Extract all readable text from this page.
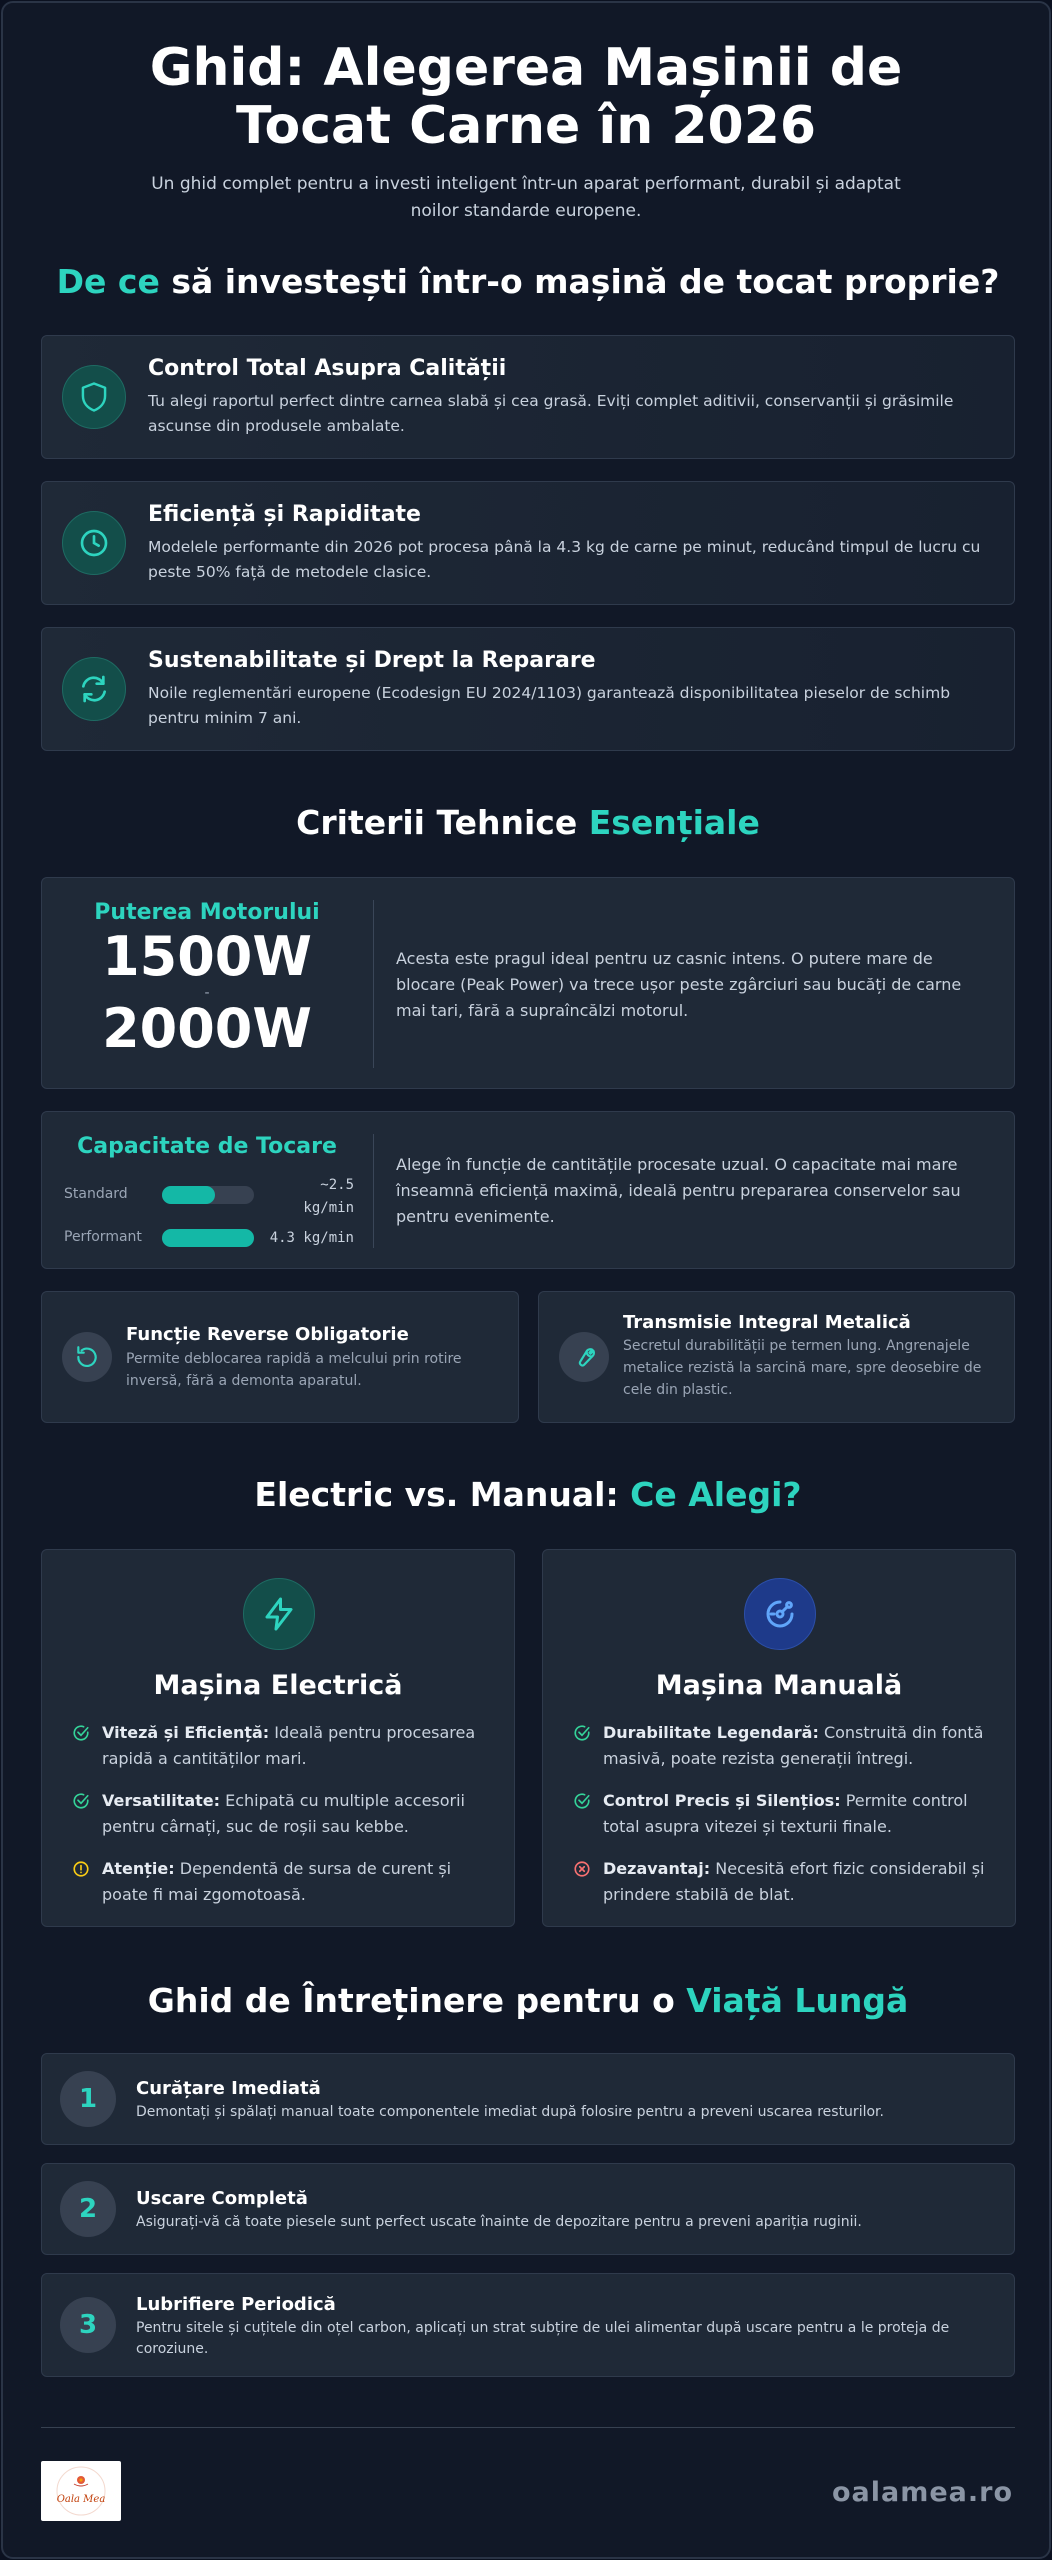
Ghid: Alegerea Mașinii de Tocat Carne în 2026

Un ghid complet pentru a investi inteligent într-un aparat performant, durabil și adaptat noilor standarde europene.

De ce să investești într-o mașină de tocat proprie?
Control Total Asupra Calității
Tu alegi raportul perfect dintre carnea slabă și cea grasă. Eviți complet aditivii, conservanții și grăsimile ascunse din produsele ambalate.
Eficiență și Rapiditate
Modelele performante din 2026 pot procesa până la 4.3 kg de carne pe minut, reducând timpul de lucru cu peste 50% față de metodele clasice.
Sustenabilitate și Drept la Reparare
Noile reglementări europene (Ecodesign EU 2024/1103) garantează disponibilitatea pieselor de schimb pentru minim 7 ani.
Criterii Tehnice Esențiale
Puterea Motorului
1500W
-
2000W
Acesta este pragul ideal pentru uz casnic intens. O putere mare de blocare (Peak Power) va trece ușor peste zgârciuri sau bucăți de carne mai tari, fără a supraîncălzi motorul.
Capacitate de Tocare
Standard
~2.5 kg/min
Performant	4.3 kg/min
Alege în funcție de cantitățile procesate uzual. O capacitate mai mare înseamnă eficiență maximă, ideală pentru prepararea conservelor sau pentru evenimente.
Funcție Reverse Obligatorie
Permite deblocarea rapidă a melcului prin rotire inversă, fără a demonta aparatul.
Transmisie Integral Metalică
Secretul durabilității pe termen lung. Angrenajele metalice rezistă la sarcină mare, spre deosebire de cele din plastic.
Electric vs. Manual: Ce Alegi?
Mașina Electrică
Viteză și Eficiență: Ideală pentru procesarea rapidă a cantităților mari.
Versatilitate: Echipată cu multiple accesorii pentru cârnați, suc de roșii sau kebbe.
Atenție: Dependentă de sursa de curent și poate fi mai zgomotoasă.
Mașina Manuală
Durabilitate Legendară: Construită din fontă masivă, poate rezista generații întregi.
Control Precis și Silențios: Permite control total asupra vitezei și texturii finale.
Dezavantaj: Necesită efort fizic considerabil și prindere stabilă de blat.
Ghid de Întreținere pentru o Viață Lungă
1	Curățare Imediată
Demontați și spălați manual toate componentele imediat după folosire pentru a preveni uscarea resturilor.
2	Uscare Completă
Asigurați-vă că toate piesele sunt perfect uscate înainte de depozitare pentru a preveni apariția ruginii.
3
Lubrifiere Periodică
Pentru sitele și cuțitele din oțel carbon, aplicați un strat subțire de ulei alimentar după uscare pentru a le proteja de coroziune.
Oala Mea	oalamea.ro
